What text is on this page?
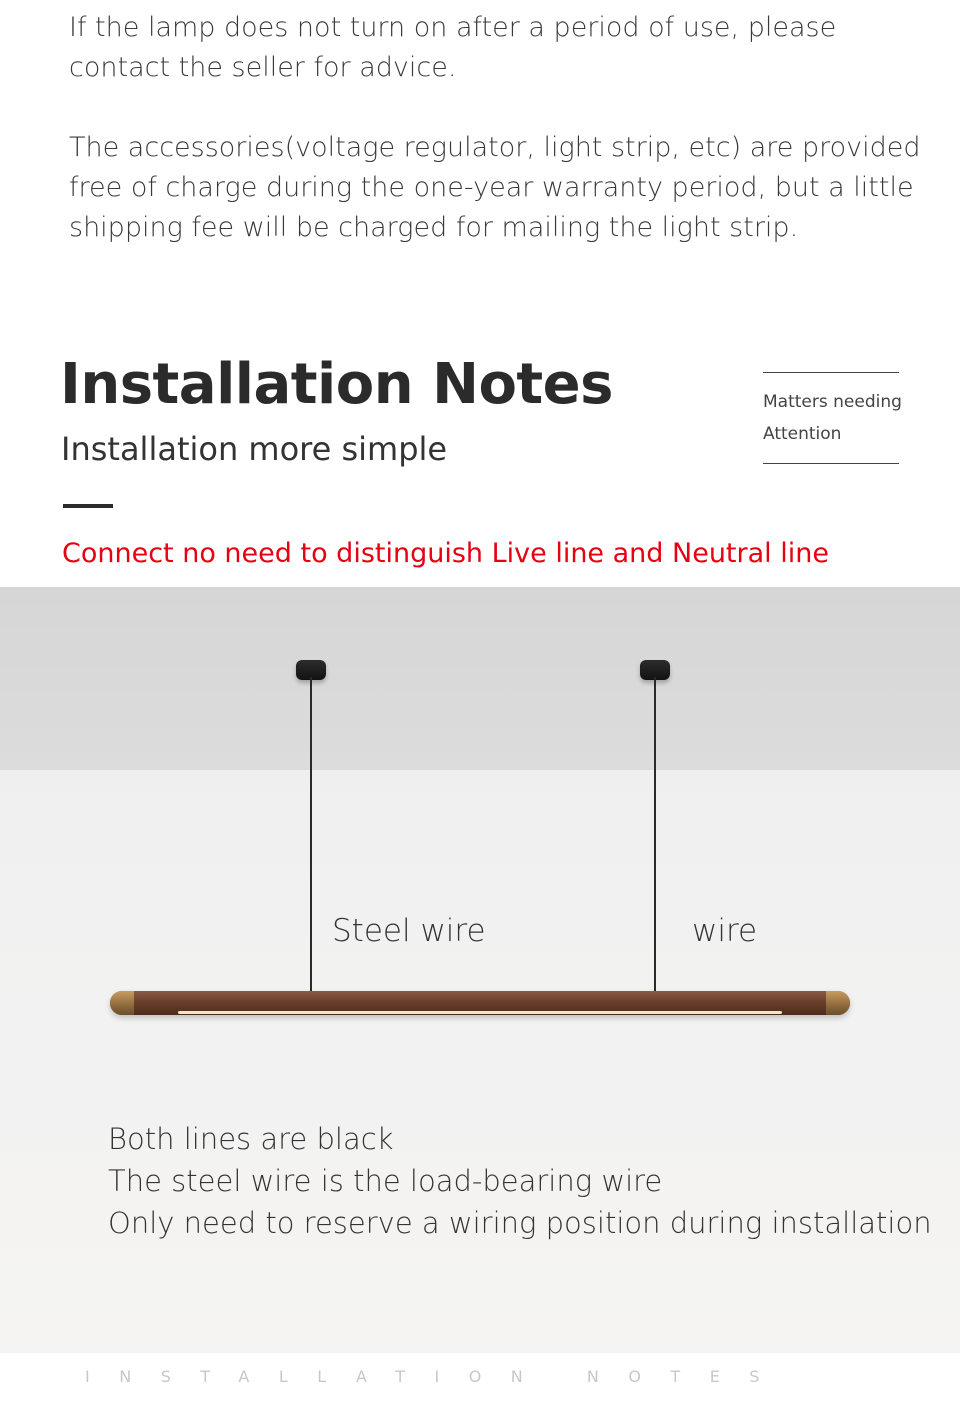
If the lamp does not turn on after a period of use, please contact the seller for advice.

The accessories(voltage regulator, light strip, etc) are provided free of charge during the one-year warranty period, but a little shipping fee will be charged for mailing the light strip.

Installation Notes

Installation more simple

Matters needing
Attention

Connect no need to distinguish Live line and Neutral line

Steel wire	wire

Both lines are black

The steel wire is the load-bearing wire

Only need to reserve a wiring position during installation

INSTALLATION NOTES
